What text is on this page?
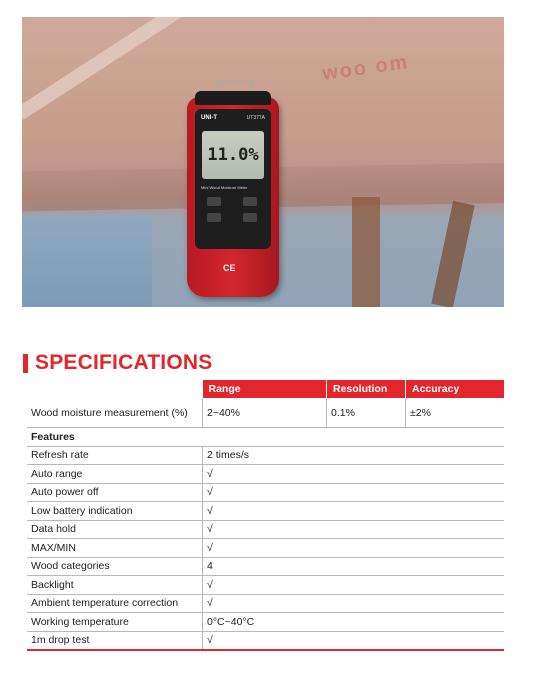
woo om
UNI-T	UT377A
11.0%
Mini Wood Moisture Meter
CE
SPECIFICATIONS
	Range	Resolution	Accuracy
Wood moisture measurement (%)	2~40%	0.1%	±2%
Features			
Refresh rate	2 times/s		
Auto range	√		
Auto power off	√		
Low battery indication	√		
Data hold	√		
MAX/MIN	√		
Wood categories	4		
Backlight	√		
Ambient temperature correction	√		
Working temperature	0°C~40°C		
1m drop test	√		
